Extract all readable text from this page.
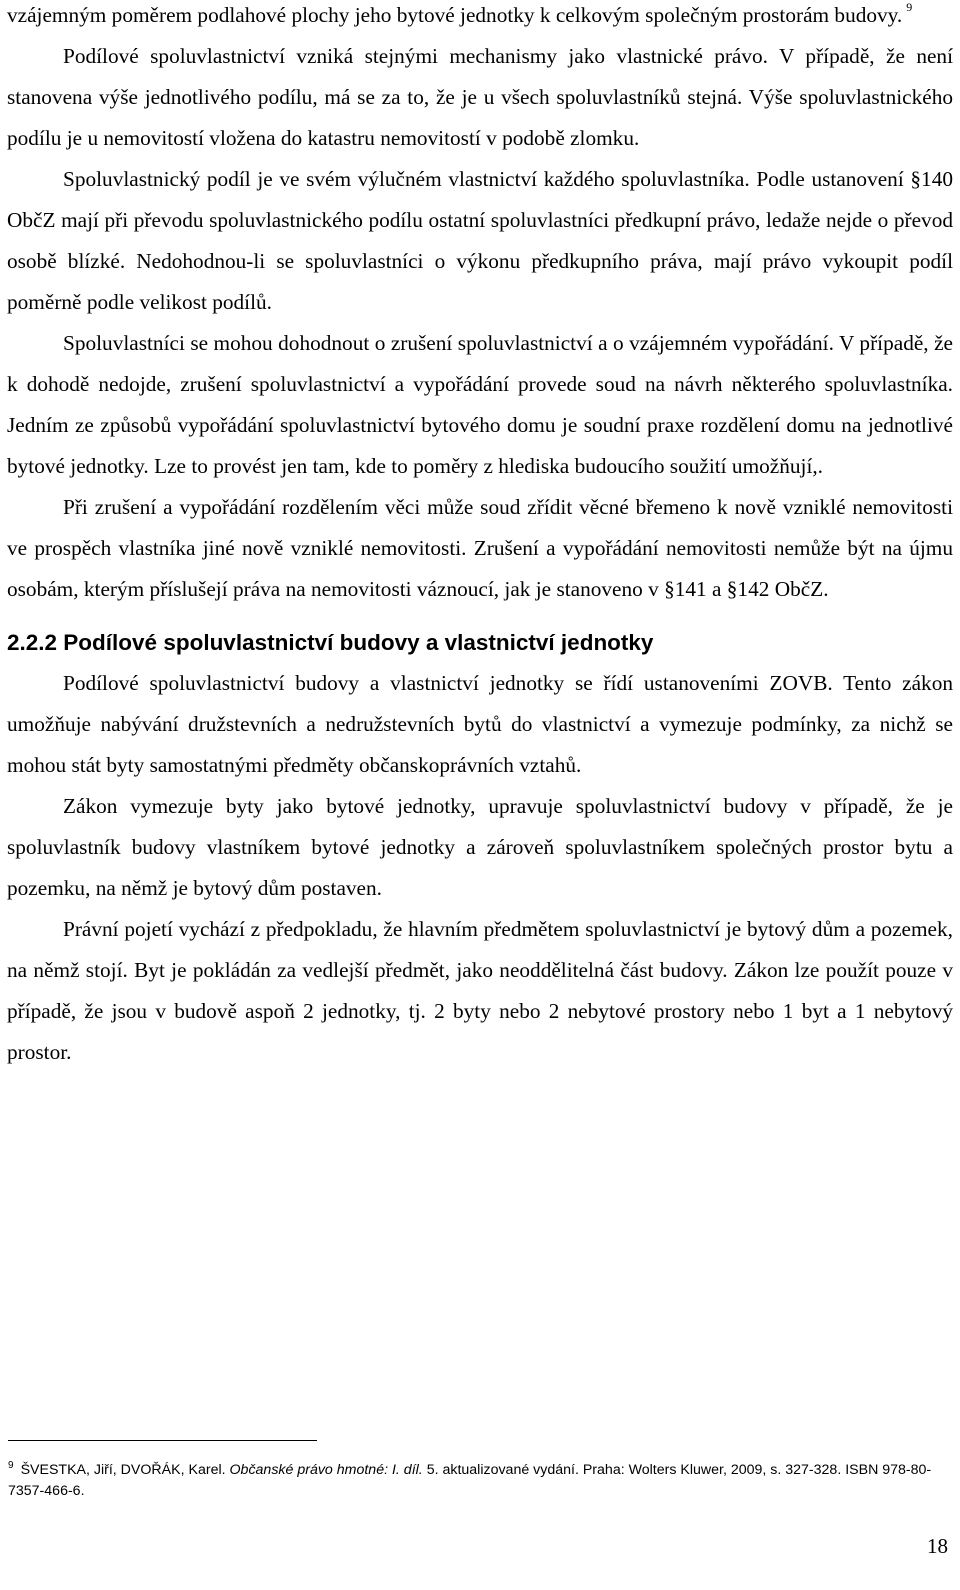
vzájemným poměrem podlahové plochy jeho bytové jednotky k celkovým společným prostorám budovy. $^9$

Podílové spoluvlastnictví vzniká stejnými mechanismy jako vlastnické právo. V případě, že není stanovena výše jednotlivého podílu, má se za to, že je u všech spoluvlastníků stejná. Výše spoluvlastnického podílu je u nemovitostí vložena do katastru nemovitostí v podobě zlomku.

Spoluvlastnický podíl je ve svém výlučném vlastnictví každého spoluvlastníka. Podle ustanovení §140 ObčZ mají při převodu spoluvlastnického podílu ostatní spoluvlastníci předkupní právo, ledaže nejde o převod osobě blízké. Nedohodnou-li se spoluvlastníci o výkonu předkupního práva, mají právo vykoupit podíl poměrně podle velikost podílů.

Spoluvlastníci se mohou dohodnout o zrušení spoluvlastnictví a o vzájemném vypořádání. V případě, že k dohodě nedojde, zrušení spoluvlastnictví a vypořádání provede soud na návrh některého spoluvlastníka. Jedním ze způsobů vypořádání spoluvlastnictví bytového domu je soudní praxe rozdělení domu na jednotlivé bytové jednotky. Lze to provést jen tam, kde to poměry z hlediska budoucího soužití umožňují,.

Při zrušení a vypořádání rozdělením věci může soud zřídit věcné břemeno k nově vzniklé nemovitosti ve prospěch vlastníka jiné nově vzniklé nemovitosti. Zrušení a vypořádání nemovitosti nemůže být na újmu osobám, kterým příslušejí práva na nemovitosti váznoucí, jak je stanoveno v §141 a §142 ObčZ.

2.2.2 Podílové spoluvlastnictví budovy a vlastnictví jednotky

Podílové spoluvlastnictví budovy a vlastnictví jednotky se řídí ustanoveními ZOVB. Tento zákon umožňuje nabývání družstevních a nedružstevních bytů do vlastnictví a vymezuje podmínky, za nichž se mohou stát byty samostatnými předměty občanskoprávních vztahů.

Zákon vymezuje byty jako bytové jednotky, upravuje spoluvlastnictví budovy v případě, že je spoluvlastník budovy vlastníkem bytové jednotky a zároveň spoluvlastníkem společných prostor bytu a pozemku, na němž je bytový dům postaven.

Právní pojetí vychází z předpokladu, že hlavním předmětem spoluvlastnictví je bytový dům a pozemek, na němž stojí. Byt je pokládán za vedlejší předmět, jako neoddělitelná část budovy. Zákon lze použít pouze v případě, že jsou v budově aspoň 2 jednotky, tj. 2 byty nebo 2 nebytové prostory nebo 1 byt a 1 nebytový prostor.

$^9$ ŠVESTKA, Jiří, DVOŘÁK, Karel. Občanské právo hmotné: I. díl. 5. aktualizované vydání. Praha: Wolters Kluwer, 2009, s. 327-328. ISBN 978-80-7357-466-6.

18
